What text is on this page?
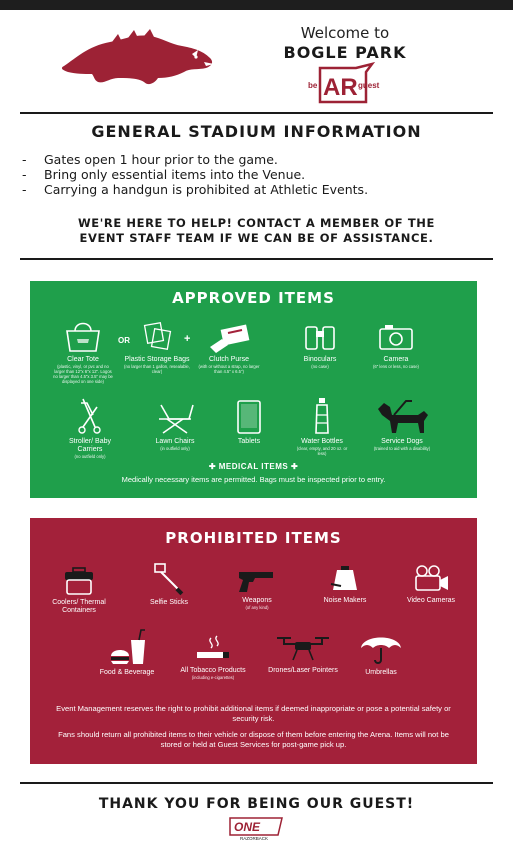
Welcome to
BOGLE PARK
be AR guest
GENERAL STADIUM INFORMATION
-	Gates open 1 hour prior to the game.
-	Bring only essential items into the Venue.
-	Carrying a handgun is prohibited at Athletic Events.
WE'RE HERE TO HELP! CONTACT A MEMBER OF THE
EVENT STAFF TEAM IF WE CAN BE OF ASSISTANCE.
APPROVED ITEMS
Clear Tote
(plastic, vinyl, or pvc and no larger than 12"x 6"x 12". Logos no larger than 4.5"x 3.5" may be displayed on one side)
OR
Plastic Storage Bags
(no larger than 1 gallon, resealable, clear)
+
Clutch Purse
(with or without a strap, no larger than 4.5" x 6.5")
Binoculars
(no case)
Camera
(6" lens or less, no case)
Stroller/ Baby Carriers
(no outfield only)
Lawn Chairs
(in outfield only)
Tablets	Water Bottles
(clear, empty, and 20 oz. or less)
Service Dogs
(trained to aid with a disability)
✚ MEDICAL ITEMS ✚
Medically necessary items are permitted. Bags must be inspected prior to entry.
PROHIBITED ITEMS
Coolers/ Thermal Containers
Selfie Sticks	Weapons
(of any kind)
Noise Makers	Video Cameras
Food & Beverage	All Tobacco Products
(including e-cigarettes)
Drones/Laser Pointers	Umbrellas
Event Management reserves the right to prohibit additional items if deemed inappropriate or pose a potential safety or security risk.
Fans should return all prohibited items to their vehicle or dispose of them before entering the Arena. Items will not be stored or held at Guest Services for post-game pick up.
THANK YOU FOR BEING OUR GUEST!
ONE
RAZORBACK
